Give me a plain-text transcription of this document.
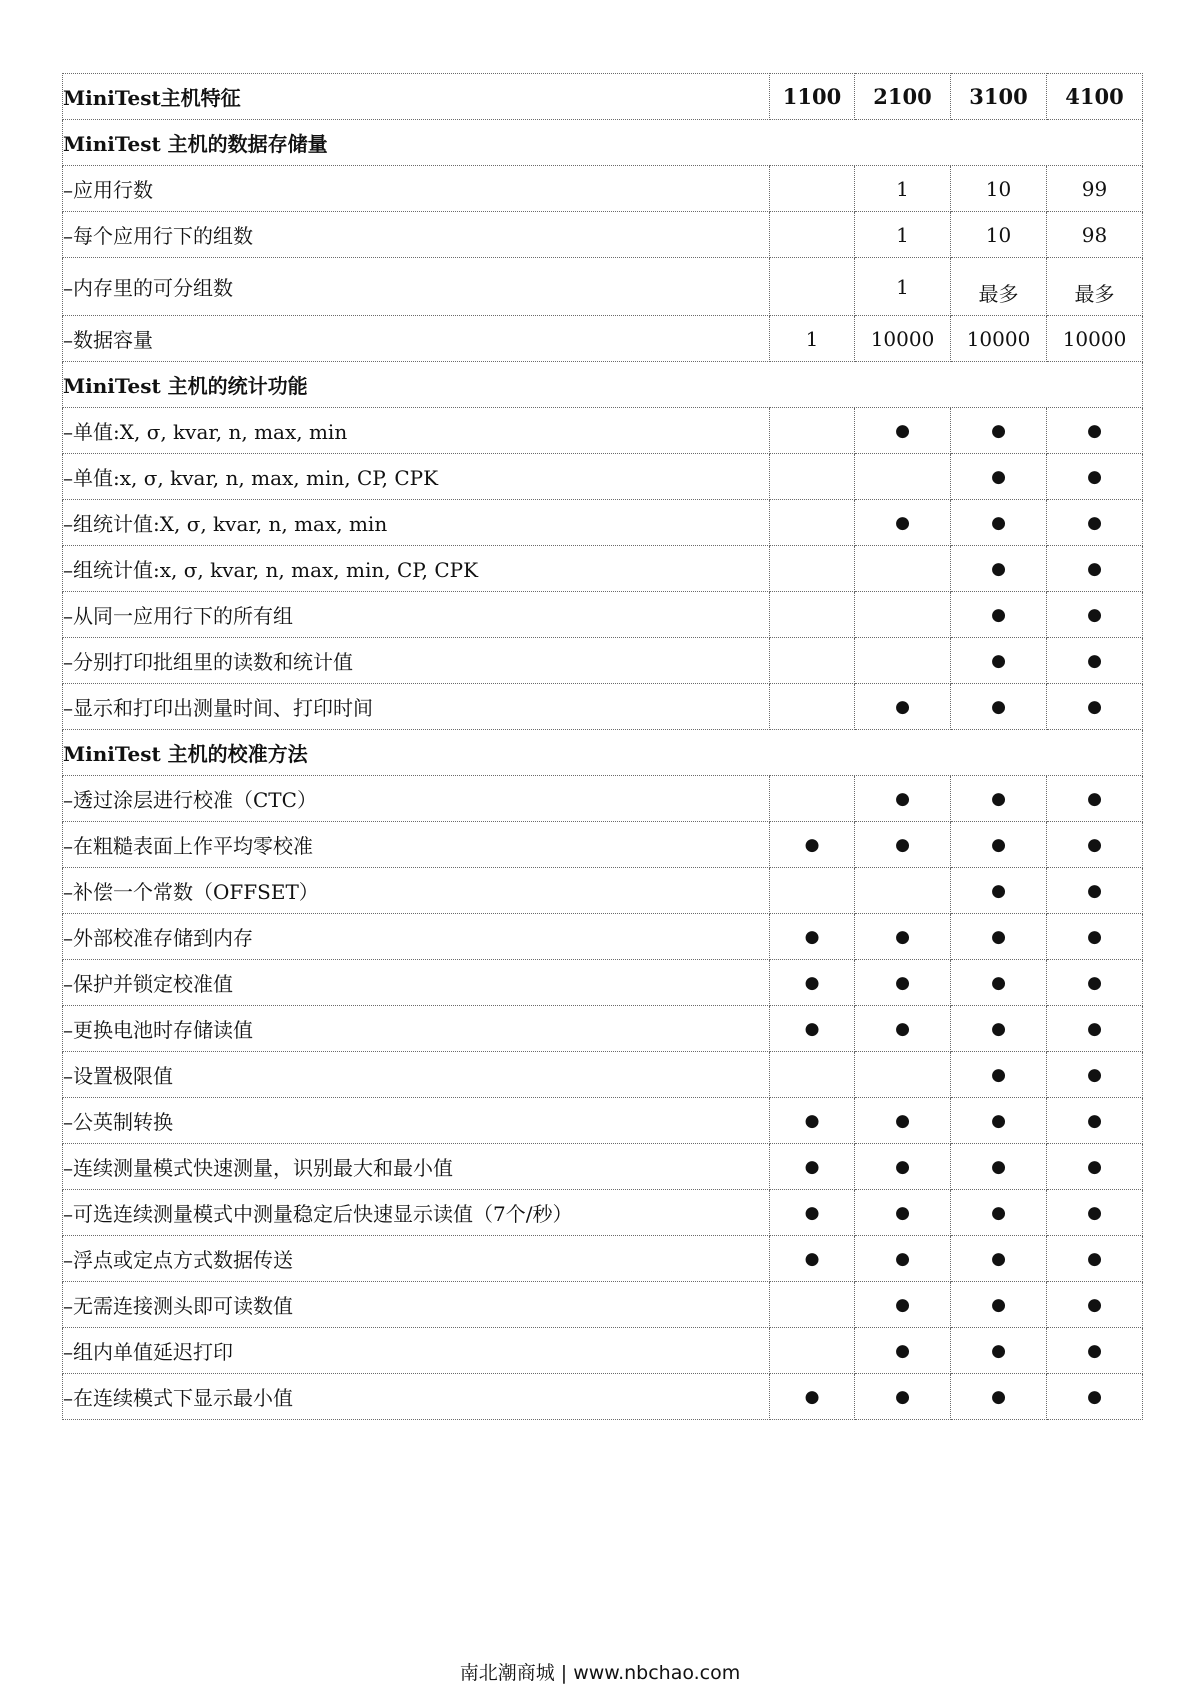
MiniTest主机特征	1100	2100	3100	4100
MiniTest 主机的数据存储量				
–应用行数		1	10	99
–每个应用行下的组数		1	10	98
–内存里的可分组数		1	最多	最多
–数据容量	1	10000	10000	10000
MiniTest 主机的统计功能				
–单值:X, σ, kvar, n, max, min		●	●	●
–单值:x, σ, kvar, n, max, min, CP, CPK			●	●
–组统计值:X, σ, kvar, n, max, min		●	●	●
–组统计值:x, σ, kvar, n, max, min, CP, CPK			●	●
–从同一应用行下的所有组			●	●
–分别打印批组里的读数和统计值			●	●
–显示和打印出测量时间、打印时间		●	●	●
MiniTest 主机的校准方法				
–透过涂层进行校准（CTC）		●	●	●
–在粗糙表面上作平均零校准	●	●	●	●
–补偿一个常数（OFFSET）			●	●
–外部校准存储到内存	●	●	●	●
–保护并锁定校准值	●	●	●	●
–更换电池时存储读值	●	●	●	●
–设置极限值			●	●
–公英制转换	●	●	●	●
–连续测量模式快速测量，识别最大和最小值	●	●	●	●
–可选连续测量模式中测量稳定后快速显示读值（7个/秒）	●	●	●	●
–浮点或定点方式数据传送	●	●	●	●
–无需连接测头即可读数值		●	●	●
–组内单值延迟打印		●	●	●
–在连续模式下显示最小值	●	●	●	●
南北潮商城 | www.nbchao.com
